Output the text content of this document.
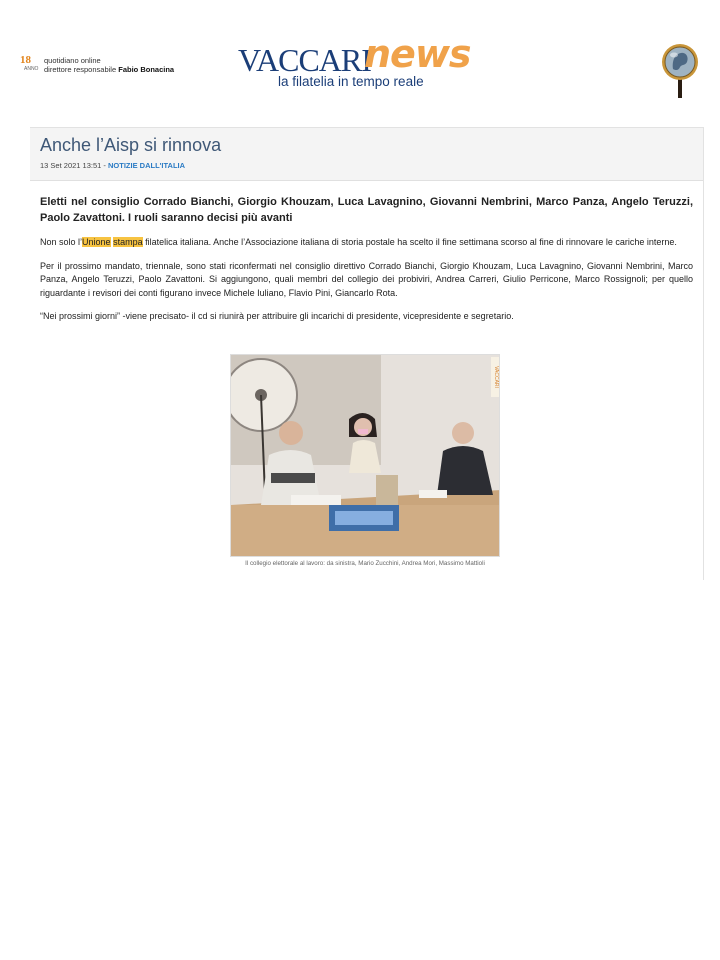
18
ANNO
quotidiano online
direttore responsabile Fabio Bonacina VACCARI
news
la filatelia in tempo reale
Anche l’Aisp si rinnova
13 Set 2021 13:51 - NOTIZIE DALL'ITALIA

Eletti nel consiglio Corrado Bianchi, Giorgio Khouzam, Luca Lavagnino, Giovanni Nembrini, Marco Panza, Angelo Teruzzi, Paolo Zavattoni. I ruoli saranno decisi più avanti

Non solo l’Unione stampa filatelica italiana. Anche l’Associazione italiana di storia postale ha scelto il fine settimana scorso al fine di rinnovare le cariche interne.

Per il prossimo mandato, triennale, sono stati riconfermati nel consiglio direttivo Corrado Bianchi, Giorgio Khouzam, Luca Lavagnino, Giovanni Nembrini, Marco Panza, Angelo Teruzzi, Paolo Zavattoni. Si aggiungono, quali membri del collegio dei probiviri, Andrea Carreri, Giulio Perricone, Marco Rossignoli; per quello riguardante i revisori dei conti figurano invece Michele Iuliano, Flavio Pini, Giancarlo Rota.

“Nei prossimi giorni” -viene precisato- il cd si riunirà per attribuire gli incarichi di presidente, vicepresidente e segretario.

VACCARI
Il collegio elettorale al lavoro: da sinistra, Mario Zucchini, Andrea Mori, Massimo Mattioli
